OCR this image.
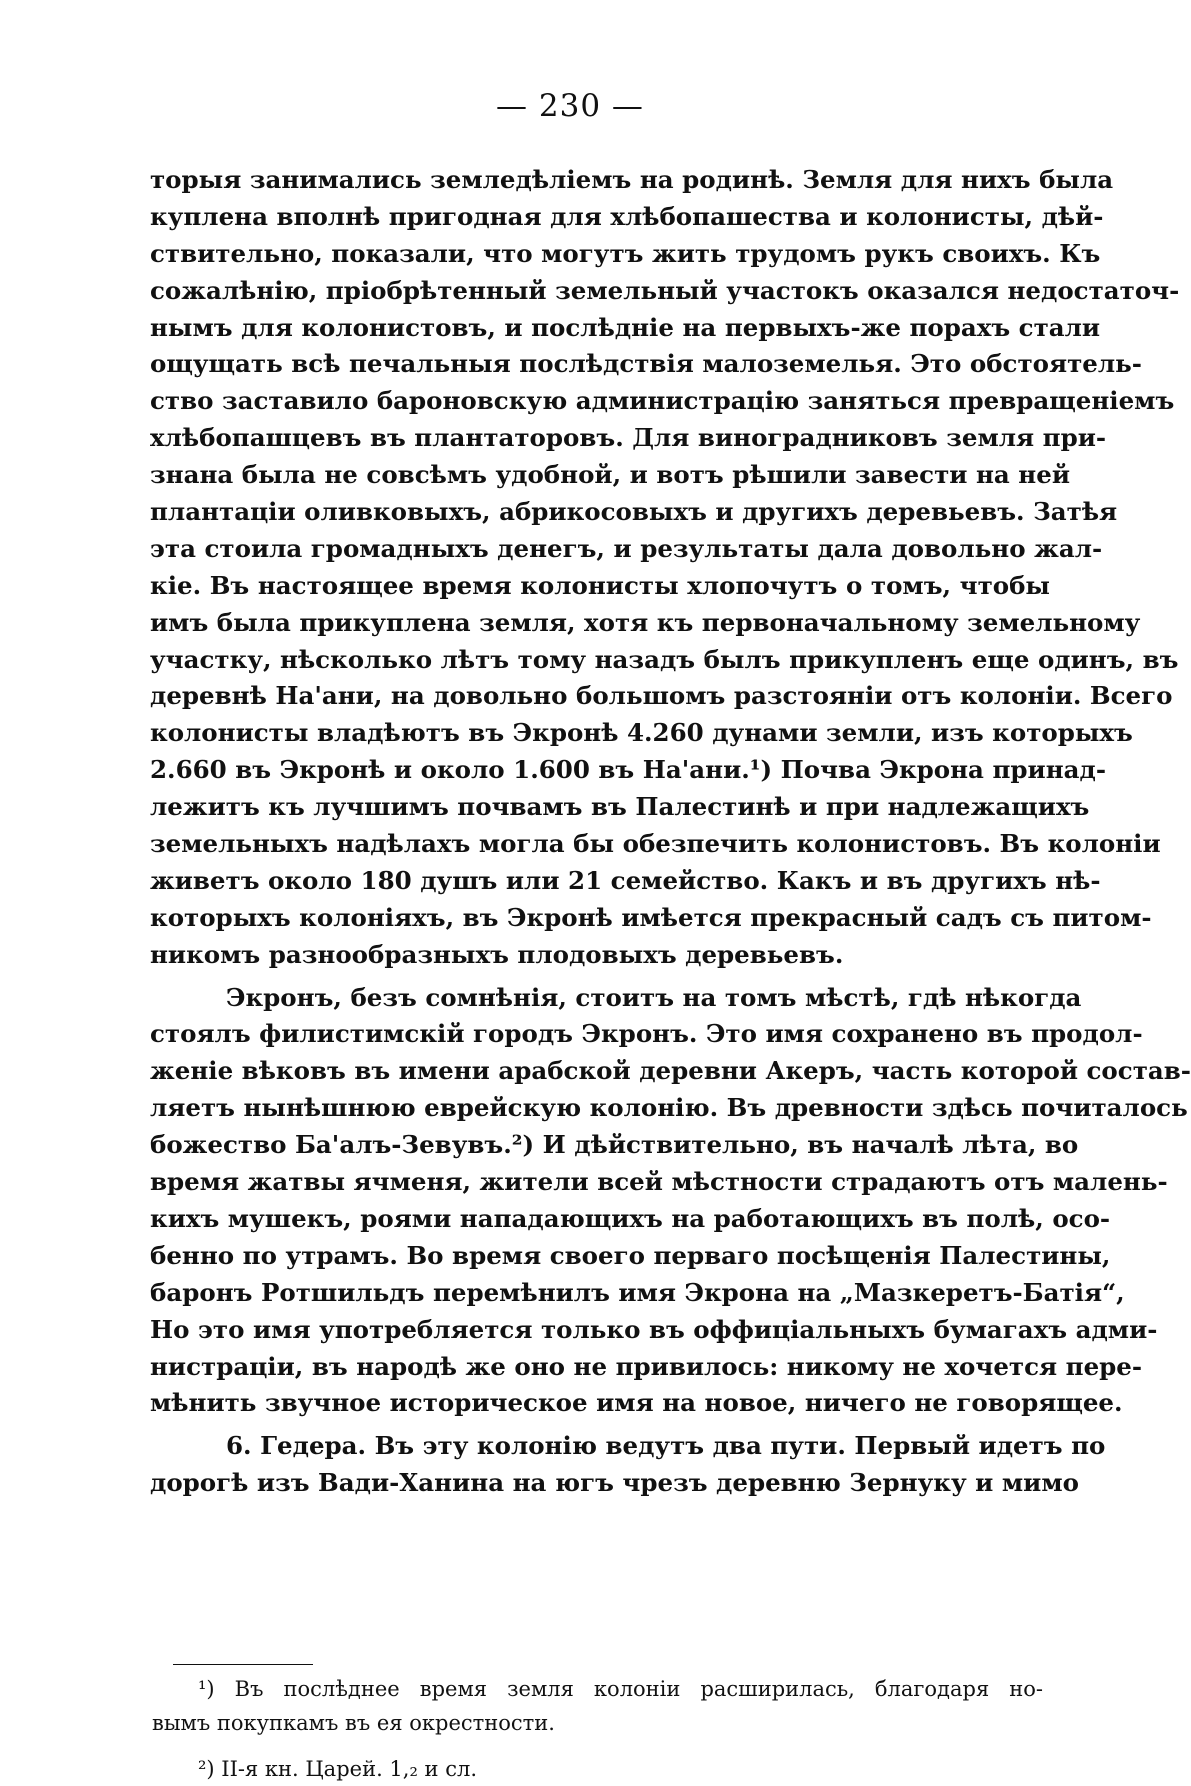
— 230 —
торыя занимались земледѣліемъ на родинѣ. Земля для нихъ была
куплена вполнѣ пригодная для хлѣбопашества и колонисты, дѣй-
ствительно, показали, что могутъ жить трудомъ рукъ своихъ. Къ
сожалѣнію, пріобрѣтенный земельный участокъ оказался недостаточ-
нымъ для колонистовъ, и послѣдніе на первыхъ-же порахъ стали
ощущать всѣ печальныя послѣдствія малоземелья. Это обстоятель-
ство заставило бароновскую администрацію заняться превращеніемъ
хлѣбопашцевъ въ плантаторовъ. Для виноградниковъ земля при-
знана была не совсѣмъ удобной, и вотъ рѣшили завести на ней
плантаціи оливковыхъ, абрикосовыхъ и другихъ деревьевъ. Затѣя
эта стоила громадныхъ денегъ, и результаты дала довольно жал-
кіе. Въ настоящее время колонисты хлопочутъ о томъ, чтобы
имъ была прикуплена земля, хотя къ первоначальному земельному
участку, нѣсколько лѣтъ тому назадъ былъ прикупленъ еще одинъ, въ
деревнѣ На'ани, на довольно большомъ разстояніи отъ колоніи. Всего
колонисты владѣютъ въ Экронѣ 4.260 дунами земли, изъ которыхъ
2.660 въ Экронѣ и около 1.600 въ На'ани.¹) Почва Экрона принад-
лежитъ къ лучшимъ почвамъ въ Палестинѣ и при надлежащихъ
земельныхъ надѣлахъ могла бы обезпечить колонистовъ. Въ колоніи
живетъ около 180 душъ или 21 семейство. Какъ и въ другихъ нѣ-
которыхъ колоніяхъ, въ Экронѣ имѣется прекрасный садъ съ питом-
никомъ разнообразныхъ плодовыхъ деревьевъ.
Экронъ, безъ сомнѣнія, стоитъ на томъ мѣстѣ, гдѣ нѣкогда
стоялъ филистимскій городъ Экронъ. Это имя сохранено въ продол-
женіе вѣковъ въ имени арабской деревни Акеръ, часть которой состав-
ляетъ нынѣшнюю еврейскую колонію. Въ древности здѣсь почиталось
божество Ба'алъ-Зевувъ.²) И дѣйствительно, въ началѣ лѣта, во
время жатвы ячменя, жители всей мѣстности страдаютъ отъ малень-
кихъ мушекъ, роями нападающихъ на работающихъ въ полѣ, осо-
бенно по утрамъ. Во время своего перваго посѣщенія Палестины,
баронъ Ротшильдъ перемѣнилъ имя Экрона на „Мазкеретъ-Батія“,
Но это имя употребляется только въ оффиціальныхъ бумагахъ адми-
нистраціи, въ народѣ же оно не привилось: никому не хочется пере-
мѣнить звучное историческое имя на новое, ничего не говорящее.
6. Гедера. Въ эту колонію ведутъ два пути. Первый идетъ по
дорогѣ изъ Вади-Ханина на югъ чрезъ деревню Зернуку и мимо
¹) Въ послѣднее время земля колоніи расширилась, благодаря но-
вымъ покупкамъ въ ея окрестности.
²) II-я кн. Царей. 1,₂ и сл.
